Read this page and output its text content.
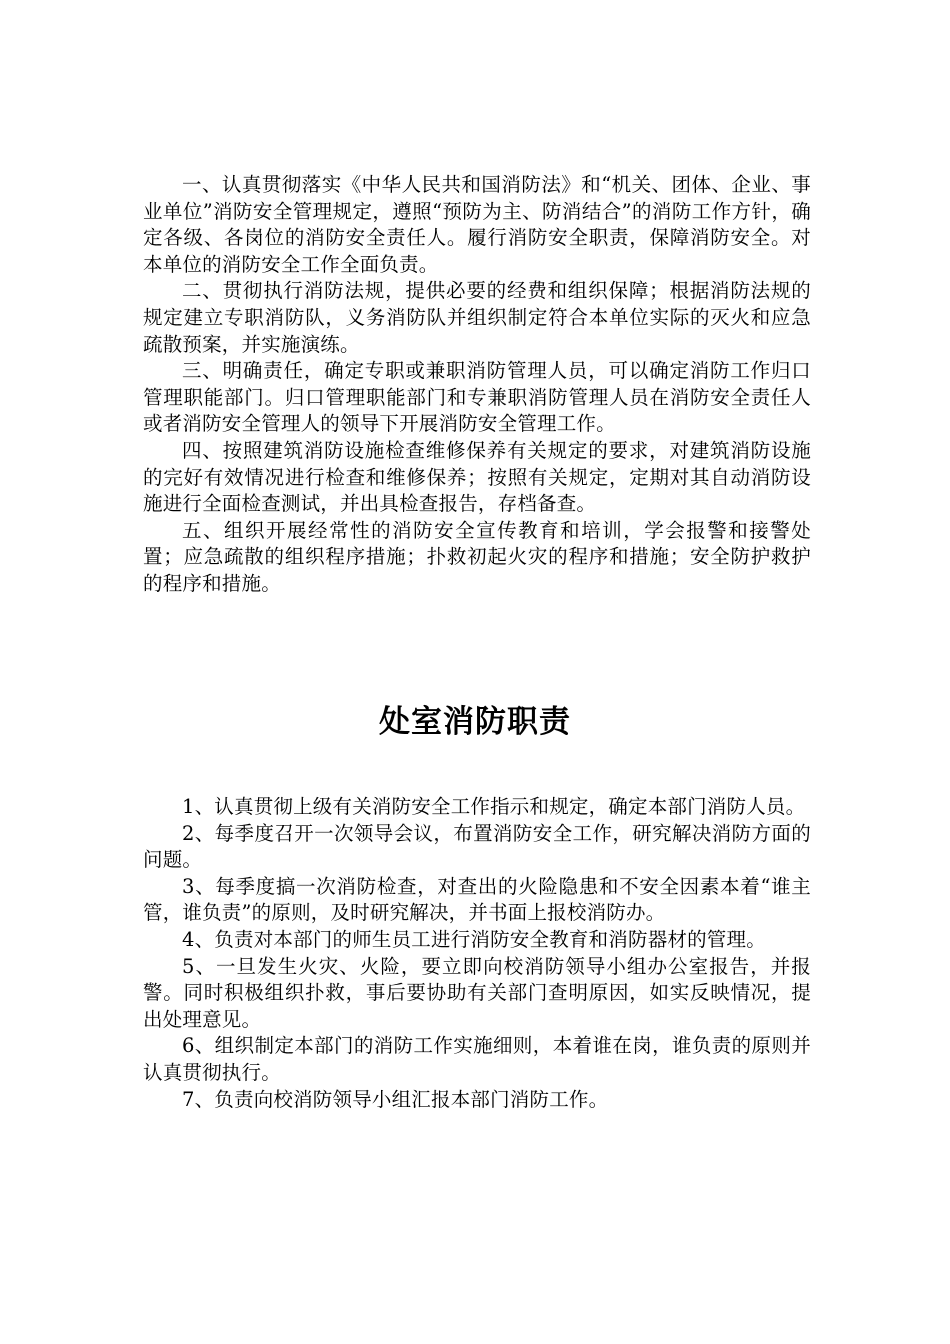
一、认真贯彻落实《中华人民共和国消防法》和“机关、团体、企业、事业单位”消防安全管理规定，遵照“预防为主、防消结合”的消防工作方针，确定各级、各岗位的消防安全责任人。履行消防安全职责，保障消防安全。对本单位的消防安全工作全面负责。

二、贯彻执行消防法规，提供必要的经费和组织保障；根据消防法规的规定建立专职消防队，义务消防队并组织制定符合本单位实际的灭火和应急疏散预案，并实施演练。

三、明确责任，确定专职或兼职消防管理人员，可以确定消防工作归口管理职能部门。归口管理职能部门和专兼职消防管理人员在消防安全责任人或者消防安全管理人的领导下开展消防安全管理工作。

四、按照建筑消防设施检查维修保养有关规定的要求，对建筑消防设施的完好有效情况进行检查和维修保养；按照有关规定，定期对其自动消防设施进行全面检查测试，并出具检查报告，存档备查。

五、组织开展经常性的消防安全宣传教育和培训，学会报警和接警处置；应急疏散的组织程序措施；扑救初起火灾的程序和措施；安全防护救护的程序和措施。

处室消防职责

1、认真贯彻上级有关消防安全工作指示和规定，确定本部门消防人员。

2、每季度召开一次领导会议，布置消防安全工作，研究解决消防方面的问题。

3、每季度搞一次消防检查，对查出的火险隐患和不安全因素本着“谁主管，谁负责”的原则，及时研究解决，并书面上报校消防办。

4、负责对本部门的师生员工进行消防安全教育和消防器材的管理。

5、一旦发生火灾、火险，要立即向校消防领导小组办公室报告，并报警。同时积极组织扑救，事后要协助有关部门查明原因，如实反映情况，提出处理意见。

6、组织制定本部门的消防工作实施细则，本着谁在岗，谁负责的原则并认真贯彻执行。

7、负责向校消防领导小组汇报本部门消防工作。
